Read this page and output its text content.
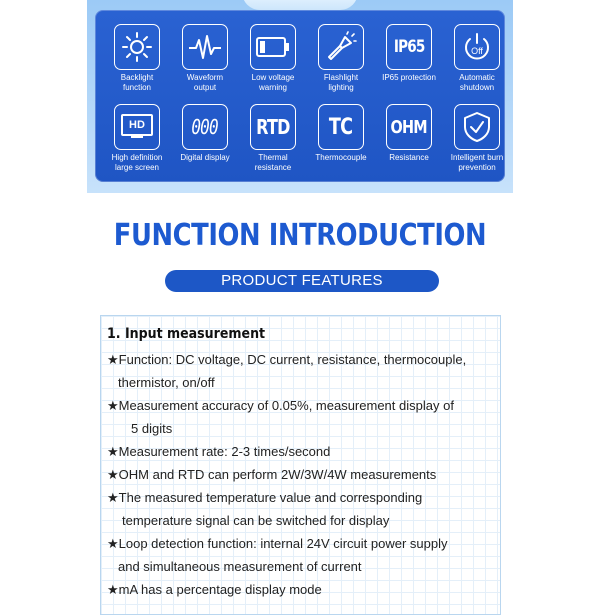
Backlight
function
Waveform
output
Low voltage
warning
Flashlight
lighting
IP65
IP65 protection
Off
Automatic
shutdown
HD
High definition
large screen
000
Digital display
RTD
Thermal
resistance
TC
Thermocouple
OHM
Resistance	Intelligent burn
prevention
FUNCTION INTRODUCTION
PRODUCT FEATURES
1. Input measurement
★Function: DC voltage, DC current, resistance, thermocouple,
thermistor, on/off
★Measurement accuracy of 0.05%, measurement display of
5 digits
★Measurement rate: 2-3 times/second
★OHM and RTD can perform 2W/3W/4W measurements
★The measured temperature value and corresponding
temperature signal can be switched for display
★Loop detection function: internal 24V circuit power supply
and simultaneous measurement of current
★mA has a percentage display mode
